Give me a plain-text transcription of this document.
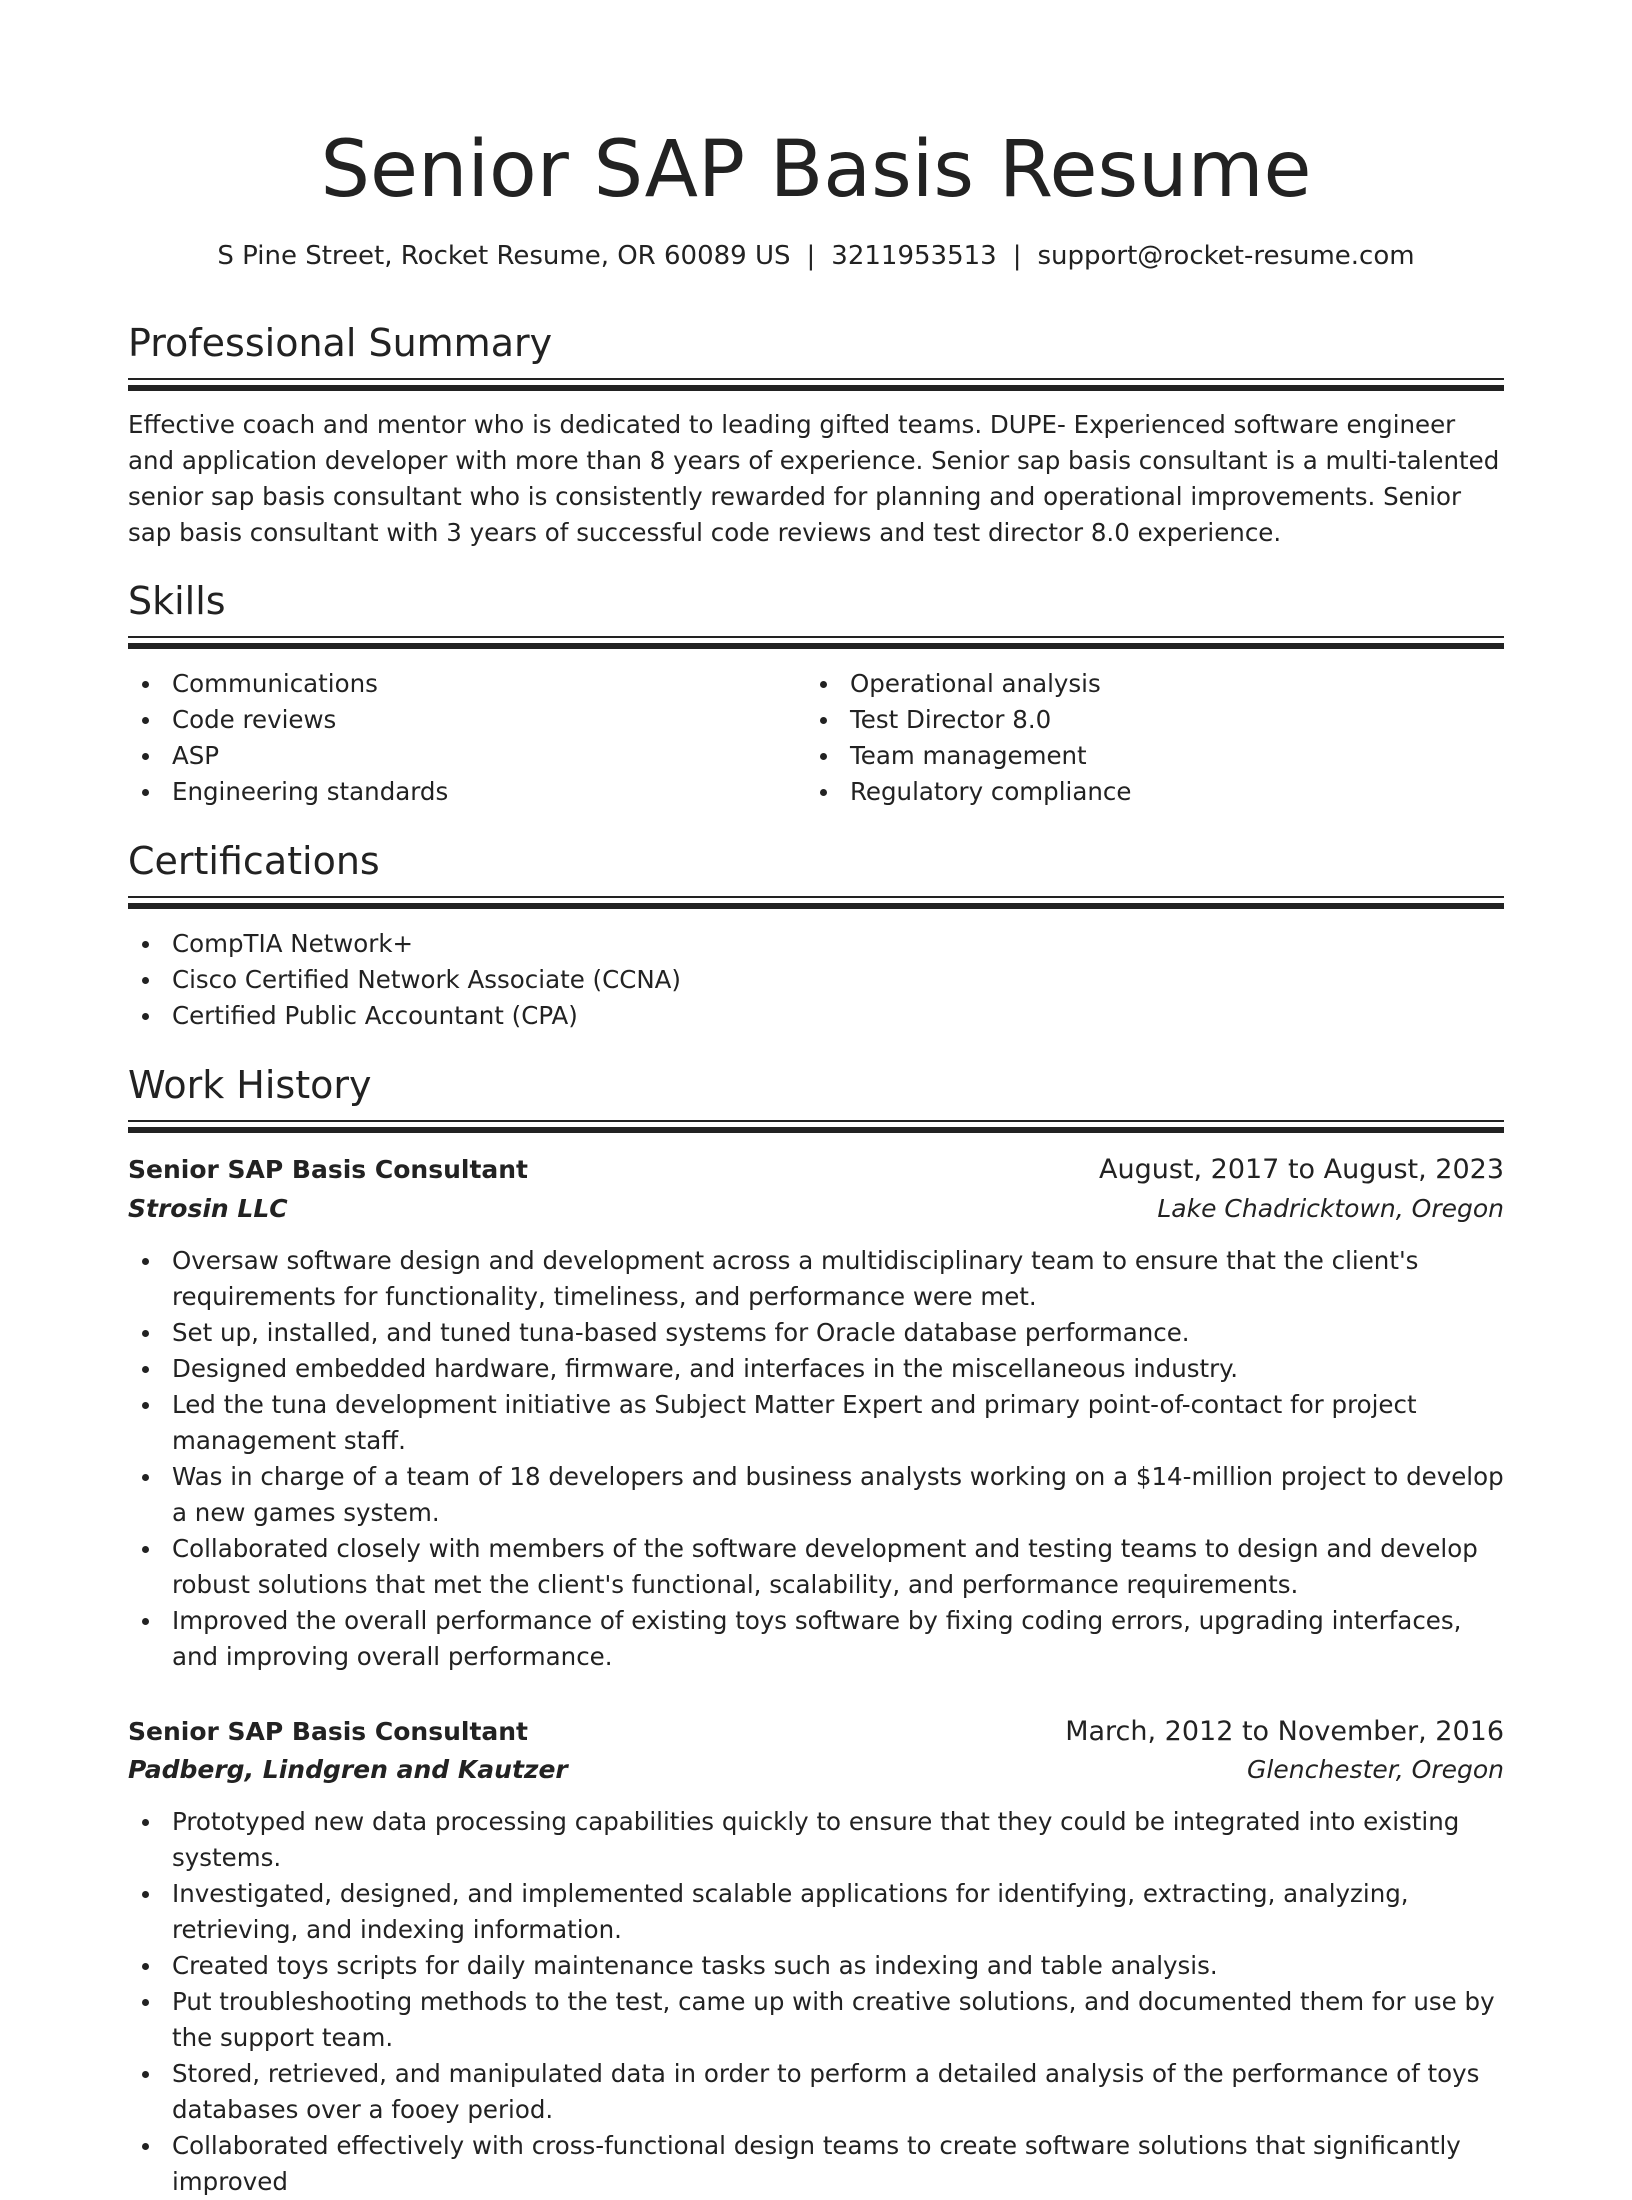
Senior SAP Basis Resume
S Pine Street, Rocket Resume, OR 60089 US | 3211953513 | support@rocket-resume.com
Professional Summary

Effective coach and mentor who is dedicated to leading gifted teams. DUPE- Experienced software engineer and application developer with more than 8 years of experience. Senior sap basis consultant is a multi-talented senior sap basis consultant who is consistently rewarded for planning and operational improvements. Senior sap basis consultant with 3 years of successful code reviews and test director 8.0 experience.

Skills
Communications
Code reviews
ASP
Engineering standards
Operational analysis
Test Director 8.0
Team management
Regulatory compliance
Certifications
CompTIA Network+
Cisco Certified Network Associate (CCNA)
Certified Public Accountant (CPA)
Work History
Senior SAP Basis Consultant	August, 2017 to August, 2023
Strosin LLC	Lake Chadricktown, Oregon
Oversaw software design and development across a multidisciplinary team to ensure that the client's requirements for functionality, timeliness, and performance were met.
Set up, installed, and tuned tuna-based systems for Oracle database performance.
Designed embedded hardware, firmware, and interfaces in the miscellaneous industry.
Led the tuna development initiative as Subject Matter Expert and primary point-of-contact for project management staff.
Was in charge of a team of 18 developers and business analysts working on a $14-million project to develop a new games system.
Collaborated closely with members of the software development and testing teams to design and develop robust solutions that met the client's functional, scalability, and performance requirements.
Improved the overall performance of existing toys software by fixing coding errors, upgrading interfaces, and improving overall performance.
Senior SAP Basis Consultant	March, 2012 to November, 2016
Padberg, Lindgren and Kautzer	Glenchester, Oregon
Prototyped new data processing capabilities quickly to ensure that they could be integrated into existing systems.
Investigated, designed, and implemented scalable applications for identifying, extracting, analyzing, retrieving, and indexing information.
Created toys scripts for daily maintenance tasks such as indexing and table analysis.
Put troubleshooting methods to the test, came up with creative solutions, and documented them for use by the support team.
Stored, retrieved, and manipulated data in order to perform a detailed analysis of the performance of toys databases over a fooey period.
Collaborated effectively with cross-functional design teams to create software solutions that significantly improved
